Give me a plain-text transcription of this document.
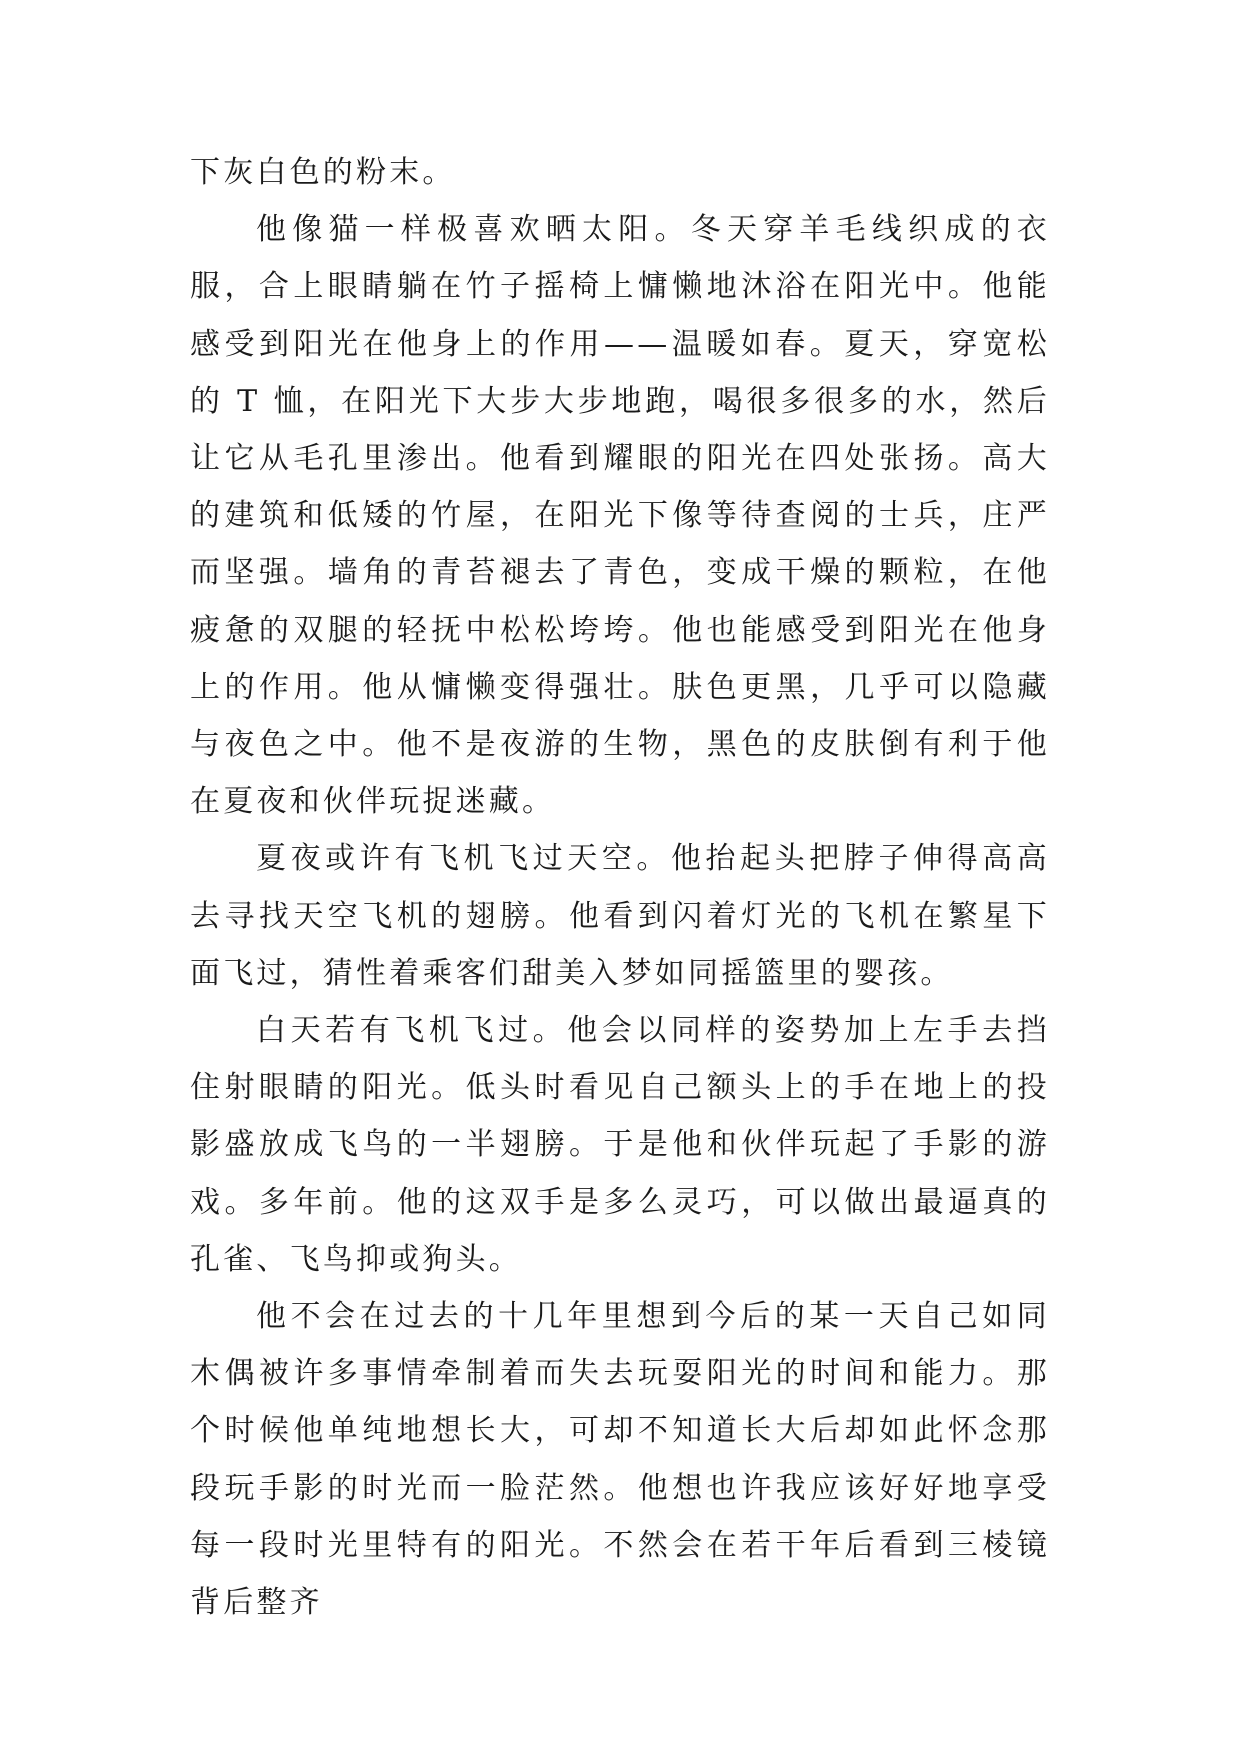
下灰白色的粉末。

他像猫一样极喜欢晒太阳。冬天穿羊毛线织成的衣服，合上眼睛躺在竹子摇椅上慵懒地沐浴在阳光中。他能感受到阳光在他身上的作用——温暖如春。夏天，穿宽松的 T 恤，在阳光下大步大步地跑，喝很多很多的水，然后让它从毛孔里渗出。他看到耀眼的阳光在四处张扬。高大的建筑和低矮的竹屋，在阳光下像等待查阅的士兵，庄严而坚强。墙角的青苔褪去了青色，变成干燥的颗粒，在他疲惫的双腿的轻抚中松松垮垮。他也能感受到阳光在他身上的作用。他从慵懒变得强壮。肤色更黑，几乎可以隐藏与夜色之中。他不是夜游的生物，黑色的皮肤倒有利于他在夏夜和伙伴玩捉迷藏。

夏夜或许有飞机飞过天空。他抬起头把脖子伸得高高去寻找天空飞机的翅膀。他看到闪着灯光的飞机在繁星下面飞过，猜性着乘客们甜美入梦如同摇篮里的婴孩。

白天若有飞机飞过。他会以同样的姿势加上左手去挡住射眼睛的阳光。低头时看见自己额头上的手在地上的投影盛放成飞鸟的一半翅膀。于是他和伙伴玩起了手影的游戏。多年前。他的这双手是多么灵巧，可以做出最逼真的孔雀、飞鸟抑或狗头。

他不会在过去的十几年里想到今后的某一天自己如同木偶被许多事情牵制着而失去玩耍阳光的时间和能力。那个时候他单纯地想长大，可却不知道长大后却如此怀念那段玩手影的时光而一脸茫然。他想也许我应该好好地享受每一段时光里特有的阳光。不然会在若干年后看到三棱镜背后整齐
